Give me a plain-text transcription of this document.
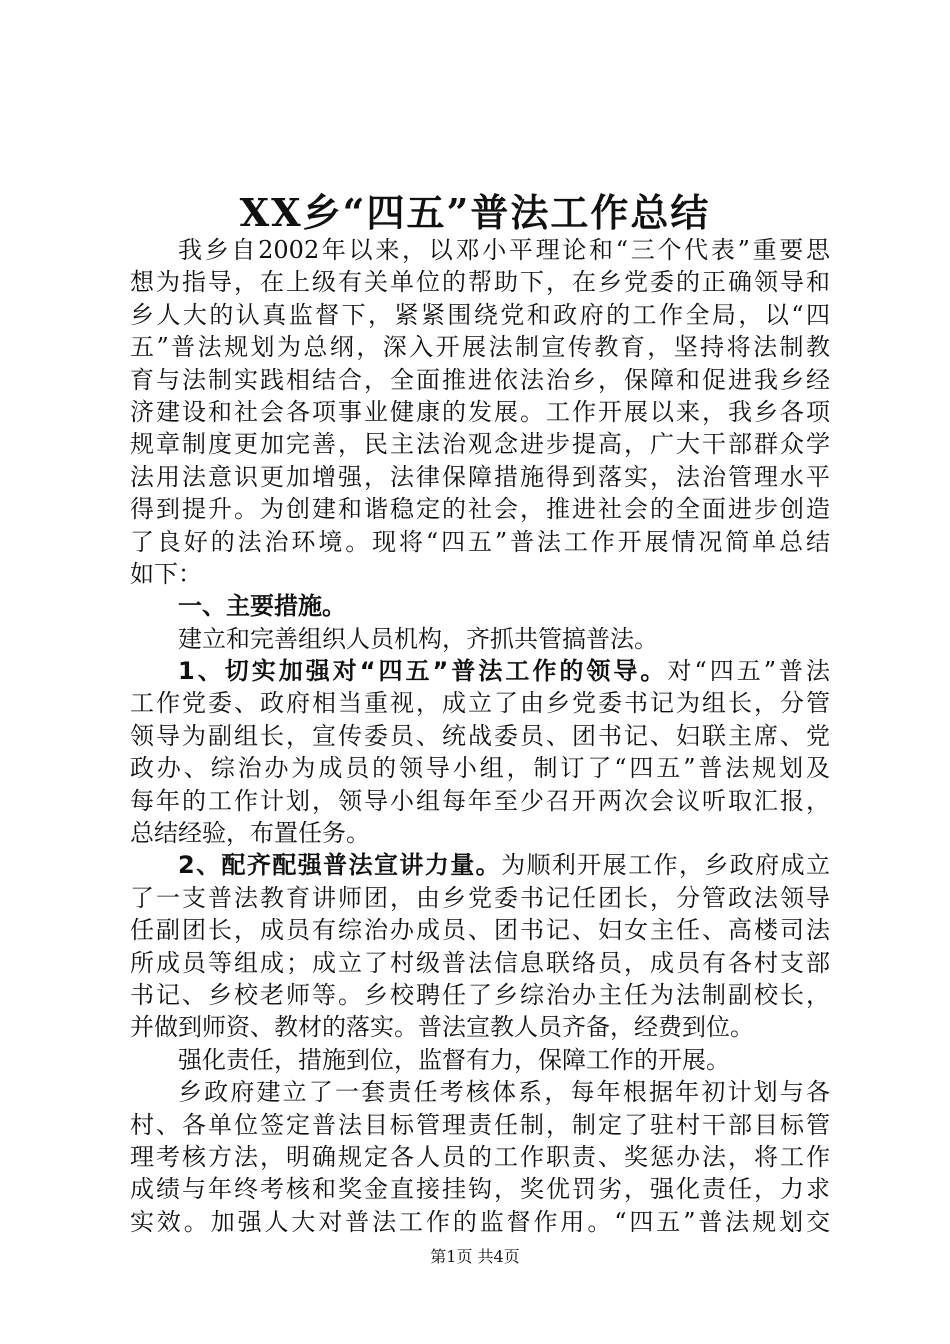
XX乡“四五”普法工作总结
我乡自2002年以来，以邓小平理论和“三个代表”重要思
想为指导，在上级有关单位的帮助下，在乡党委的正确领导和
乡人大的认真监督下，紧紧围绕党和政府的工作全局，以“四
五”普法规划为总纲，深入开展法制宣传教育，坚持将法制教
育与法制实践相结合，全面推进依法治乡，保障和促进我乡经
济建设和社会各项事业健康的发展。工作开展以来，我乡各项
规章制度更加完善，民主法治观念进步提高，广大干部群众学
法用法意识更加增强，法律保障措施得到落实，法治管理水平
得到提升。为创建和谐稳定的社会，推进社会的全面进步创造
了良好的法治环境。现将“四五”普法工作开展情况简单总结
如下：
一、主要措施。
建立和完善组织人员机构，齐抓共管搞普法。
1、切实加强对“四五”普法工作的领导。对“四五”普法
工作党委、政府相当重视，成立了由乡党委书记为组长，分管
领导为副组长，宣传委员、统战委员、团书记、妇联主席、党
政办、综治办为成员的领导小组，制订了“四五”普法规划及
每年的工作计划，领导小组每年至少召开两次会议听取汇报，
总结经验，布置任务。
2、配齐配强普法宣讲力量。为顺利开展工作，乡政府成立
了一支普法教育讲师团，由乡党委书记任团长，分管政法领导
任副团长，成员有综治办成员、团书记、妇女主任、高楼司法
所成员等组成；成立了村级普法信息联络员，成员有各村支部
书记、乡校老师等。乡校聘任了乡综治办主任为法制副校长，
并做到师资、教材的落实。普法宣教人员齐备，经费到位。
强化责任，措施到位，监督有力，保障工作的开展。
乡政府建立了一套责任考核体系，每年根据年初计划与各
村、各单位签定普法目标管理责任制，制定了驻村干部目标管
理考核方法，明确规定各人员的工作职责、奖惩办法，将工作
成绩与年终考核和奖金直接挂钩，奖优罚劣，强化责任，力求
实效。加强人大对普法工作的监督作用。“四五”普法规划交
第1页 共4页
